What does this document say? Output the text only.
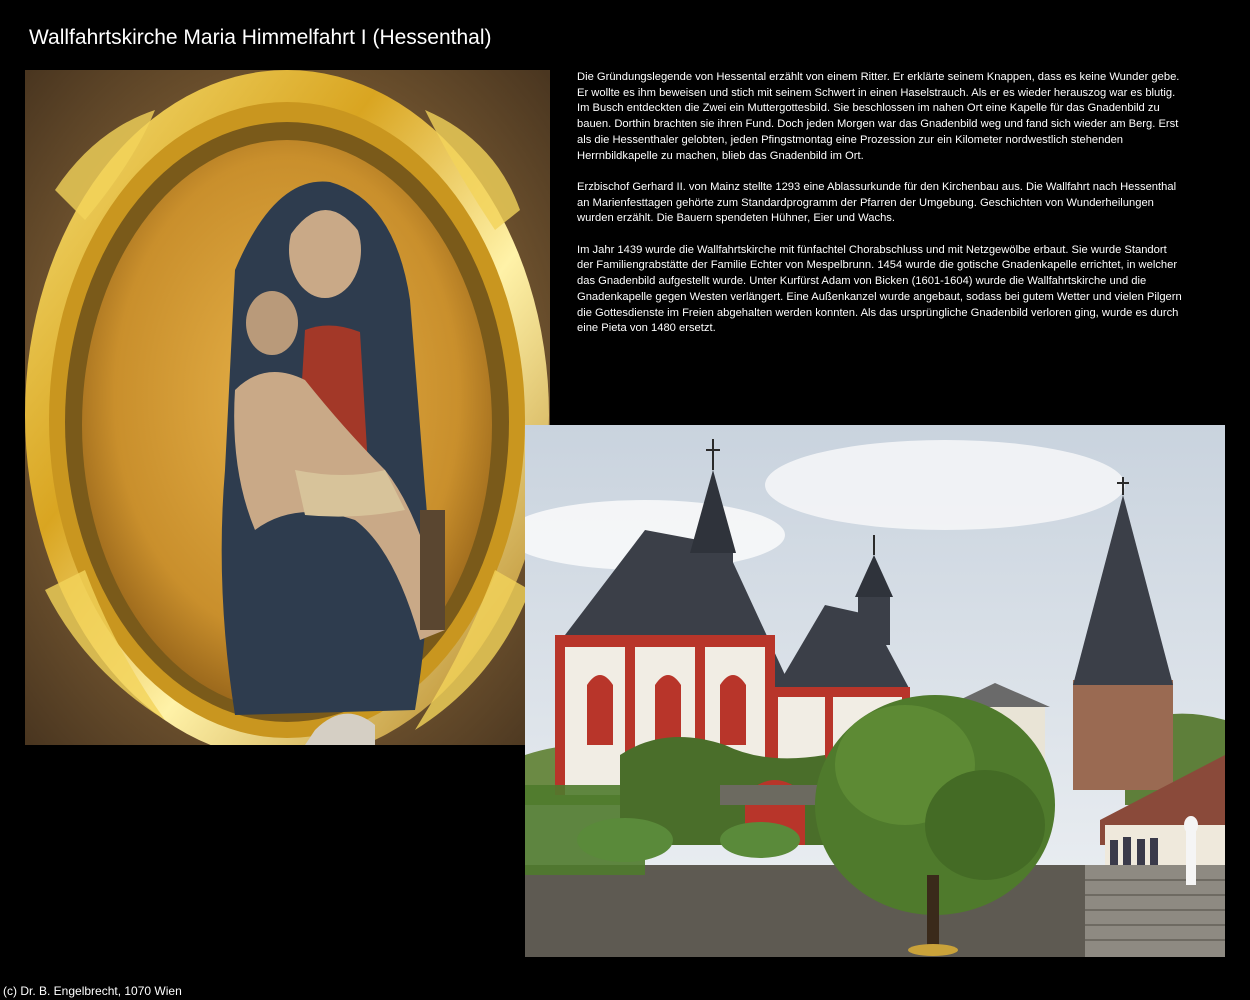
Wallfahrtskirche Maria Himmelfahrt I (Hessenthal)

Die Gründungslegende von Hessental erzählt von einem Ritter. Er erklärte seinem Knappen, dass es keine Wunder gebe. Er wollte es ihm beweisen und stich mit seinem Schwert in einen Haselstrauch. Als er es wieder herauszog war es blutig. Im Busch entdeckten die Zwei ein Muttergottesbild. Sie beschlossen im nahen Ort eine Kapelle für das Gnadenbild zu bauen. Dorthin brachten sie ihren Fund. Doch jeden Morgen war das Gnadenbild weg und fand sich wieder am Berg. Erst als die Hessenthaler gelobten, jeden Pfingstmontag eine Prozession zur ein Kilometer nordwestlich stehenden Herrnbildkapelle zu machen, blieb das Gnadenbild im Ort.

Erzbischof Gerhard II. von Mainz stellte 1293 eine Ablassurkunde für den Kirchenbau aus. Die Wallfahrt nach Hessenthal an Marienfesttagen gehörte zum Standardprogramm der Pfarren der Umgebung. Geschichten von Wunderheilungen wurden erzählt. Die Bauern spendeten Hühner, Eier und Wachs.

Im Jahr 1439 wurde die Wallfahrtskirche mit fünfachtel Chorabschluss und mit Netzgewölbe erbaut. Sie wurde Standort der Familiengrabstätte der Familie Echter von Mespelbrunn. 1454 wurde die gotische Gnadenkapelle errichtet, in welcher das Gnadenbild aufgestellt wurde. Unter Kurfürst Adam von Bicken (1601-1604) wurde die Wallfahrtskirche und die Gnadenkapelle gegen Westen verlängert. Eine Außenkanzel wurde angebaut, sodass bei gutem Wetter und vielen Pilgern die Gottesdienste im Freien abgehalten werden konnten. Als das ursprüngliche Gnadenbild verloren ging, wurde es durch eine Pieta von 1480 ersetzt.

(c) Dr. B. Engelbrecht, 1070 Wien
